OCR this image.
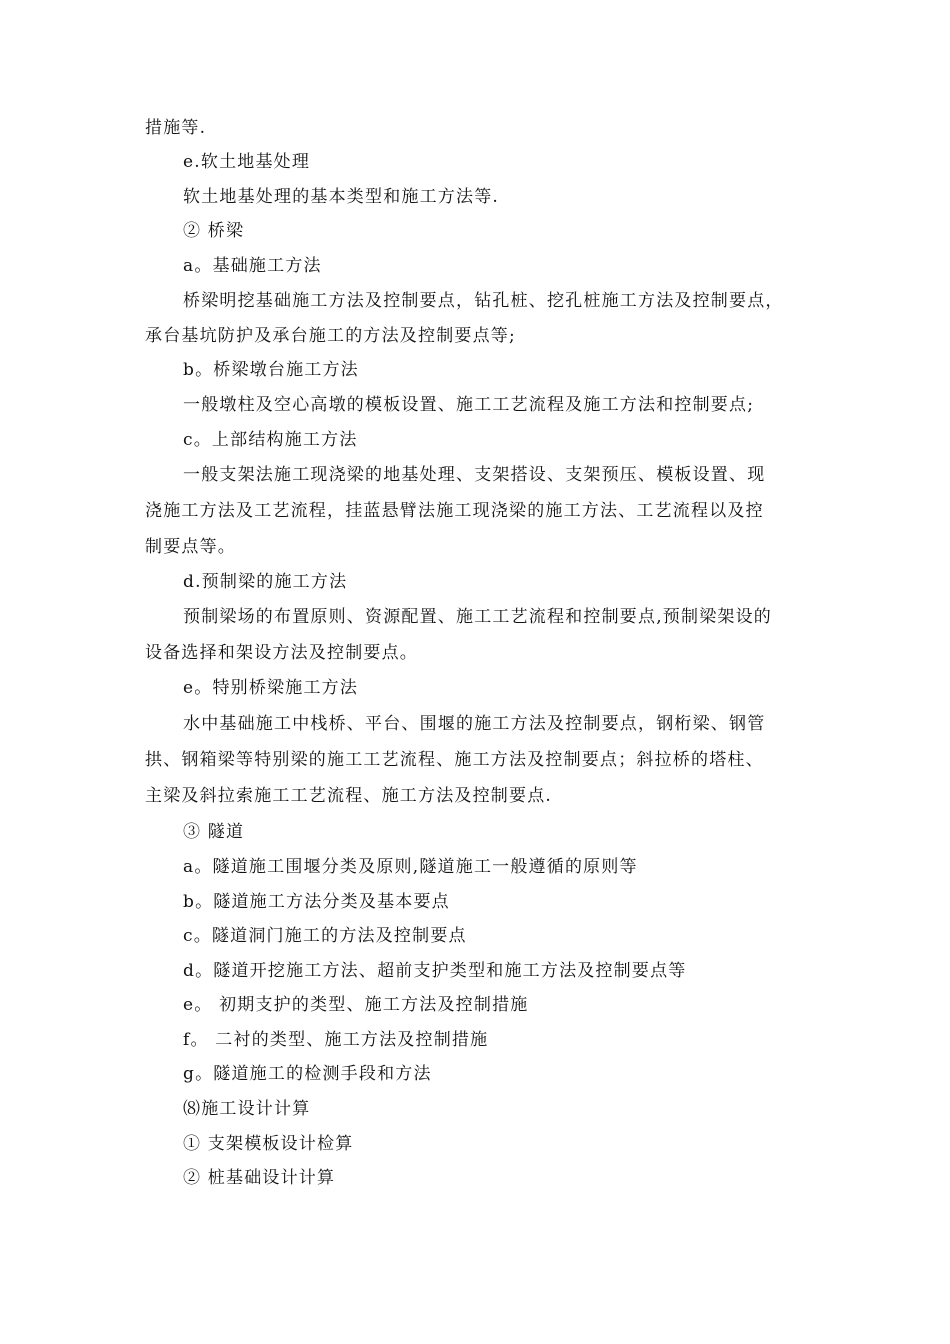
措施等.
e.软土地基处理
软土地基处理的基本类型和施工方法等.
② 桥梁
a。基础施工方法
桥梁明挖基础施工方法及控制要点，钻孔桩、挖孔桩施工方法及控制要点，
承台基坑防护及承台施工的方法及控制要点等;
b。桥梁墩台施工方法
一般墩柱及空心高墩的模板设置、施工工艺流程及施工方法和控制要点;
c。上部结构施工方法
一般支架法施工现浇梁的地基处理、支架搭设、支架预压、模板设置、现
浇施工方法及工艺流程，挂蓝悬臂法施工现浇梁的施工方法、工艺流程以及控
制要点等。
d.预制梁的施工方法
预制梁场的布置原则、资源配置、施工工艺流程和控制要点,预制梁架设的
设备选择和架设方法及控制要点。
e。特别桥梁施工方法
水中基础施工中栈桥、平台、围堰的施工方法及控制要点，钢桁梁、钢管
拱、钢箱梁等特别梁的施工工艺流程、施工方法及控制要点；斜拉桥的塔柱、
主梁及斜拉索施工工艺流程、施工方法及控制要点.
③ 隧道
a。隧道施工围堰分类及原则,隧道施工一般遵循的原则等
b。隧道施工方法分类及基本要点
c。隧道洞门施工的方法及控制要点
d。隧道开挖施工方法、超前支护类型和施工方法及控制要点等
e。 初期支护的类型、施工方法及控制措施
f。 二衬的类型、施工方法及控制措施
g。隧道施工的检测手段和方法
⑻施工设计计算
① 支架模板设计检算
② 桩基础设计计算
